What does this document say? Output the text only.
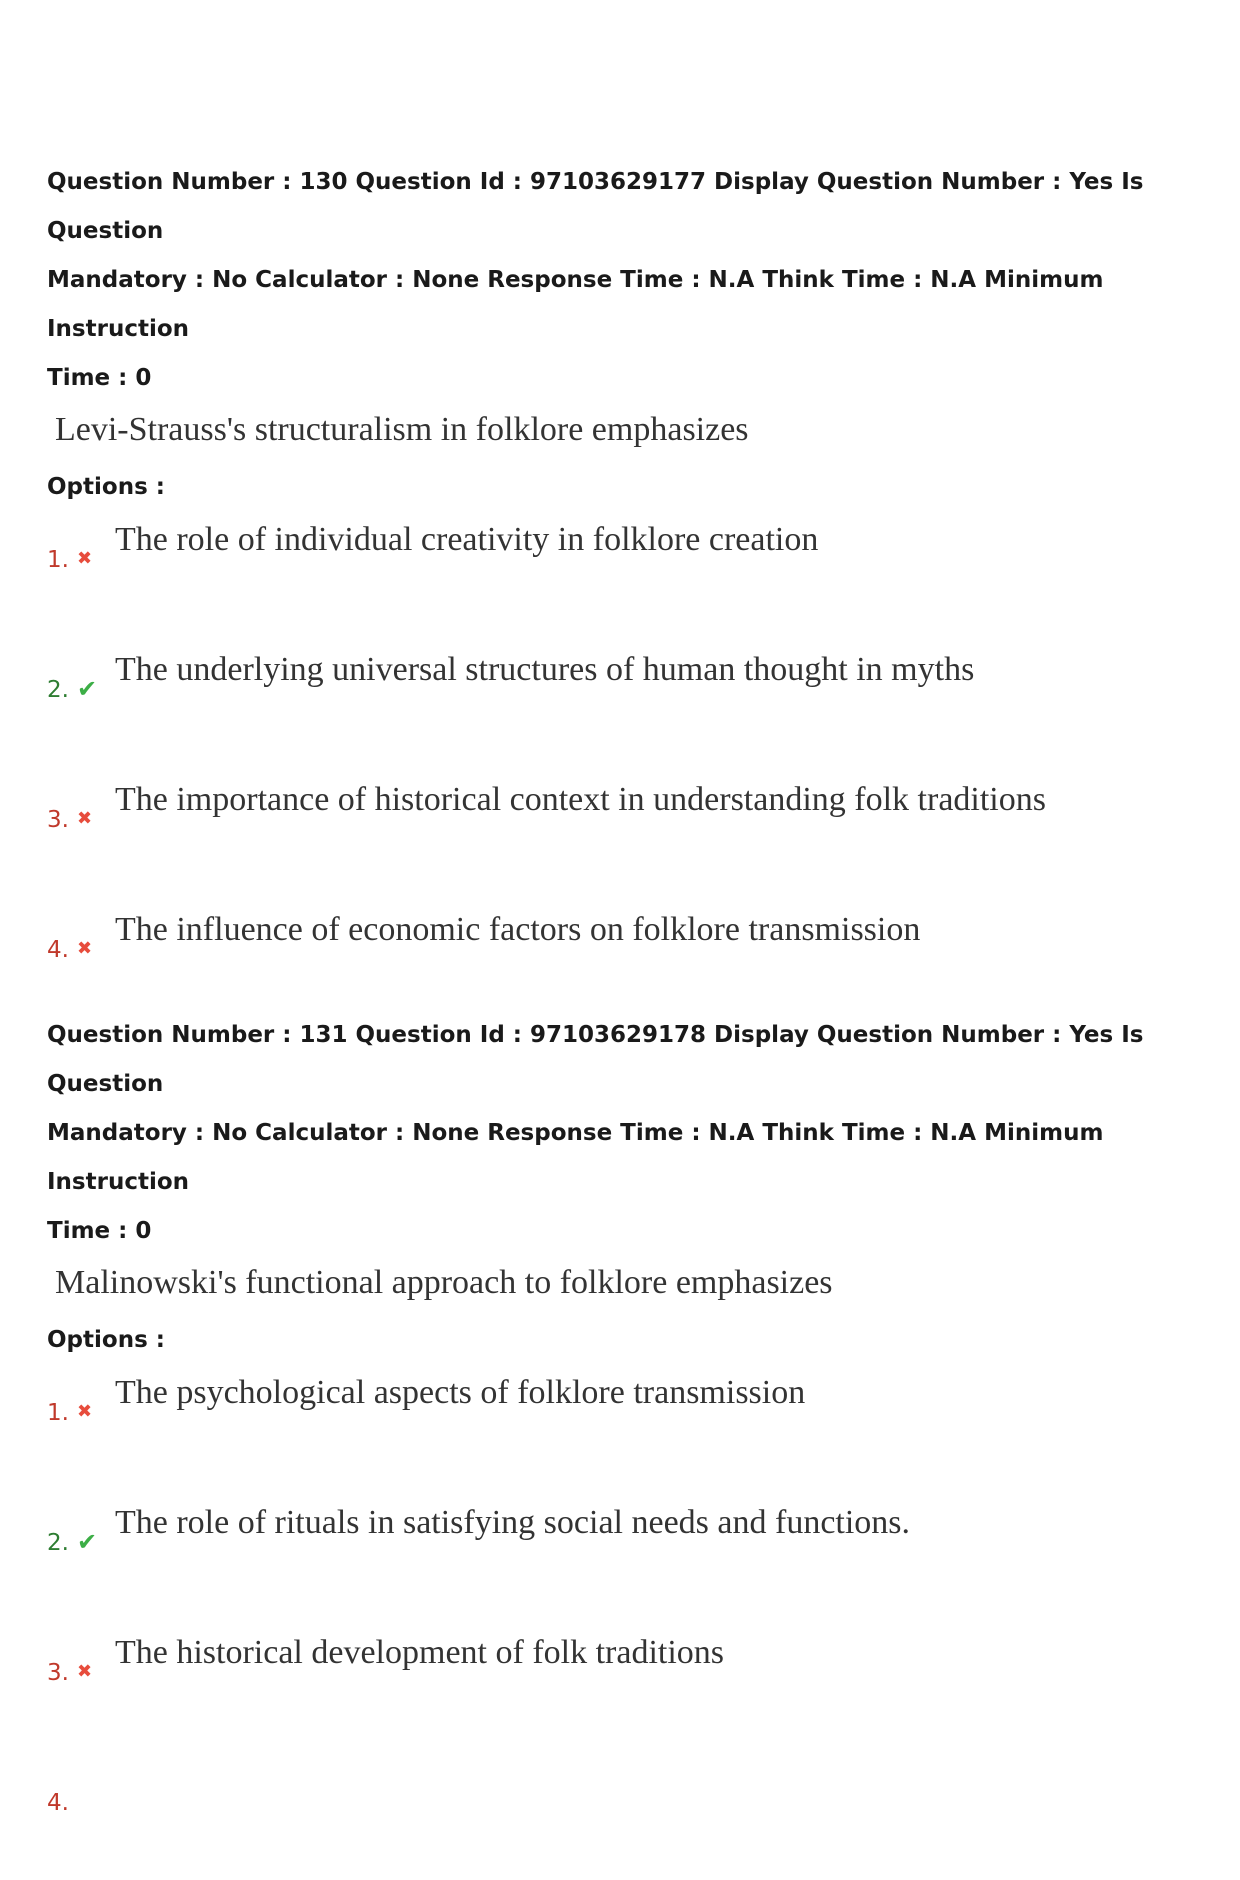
Question Number : 130 Question Id : 97103629177 Display Question Number : Yes Is Question
Mandatory : No Calculator : None Response Time : N.A Think Time : N.A Minimum Instruction
Time : 0
Levi-Strauss's structuralism in folklore emphasizes
Options :
1. ✖
The role of individual creativity in folklore creation
2. ✔
The underlying universal structures of human thought in myths
3. ✖
The importance of historical context in understanding folk traditions
4. ✖
The influence of economic factors on folklore transmission
Question Number : 131 Question Id : 97103629178 Display Question Number : Yes Is Question
Mandatory : No Calculator : None Response Time : N.A Think Time : N.A Minimum Instruction
Time : 0
Malinowski's functional approach to folklore emphasizes
Options :
1. ✖
The psychological aspects of folklore transmission
2. ✔
The role of rituals in satisfying social needs and functions.
3. ✖
The historical development of folk traditions
4.
